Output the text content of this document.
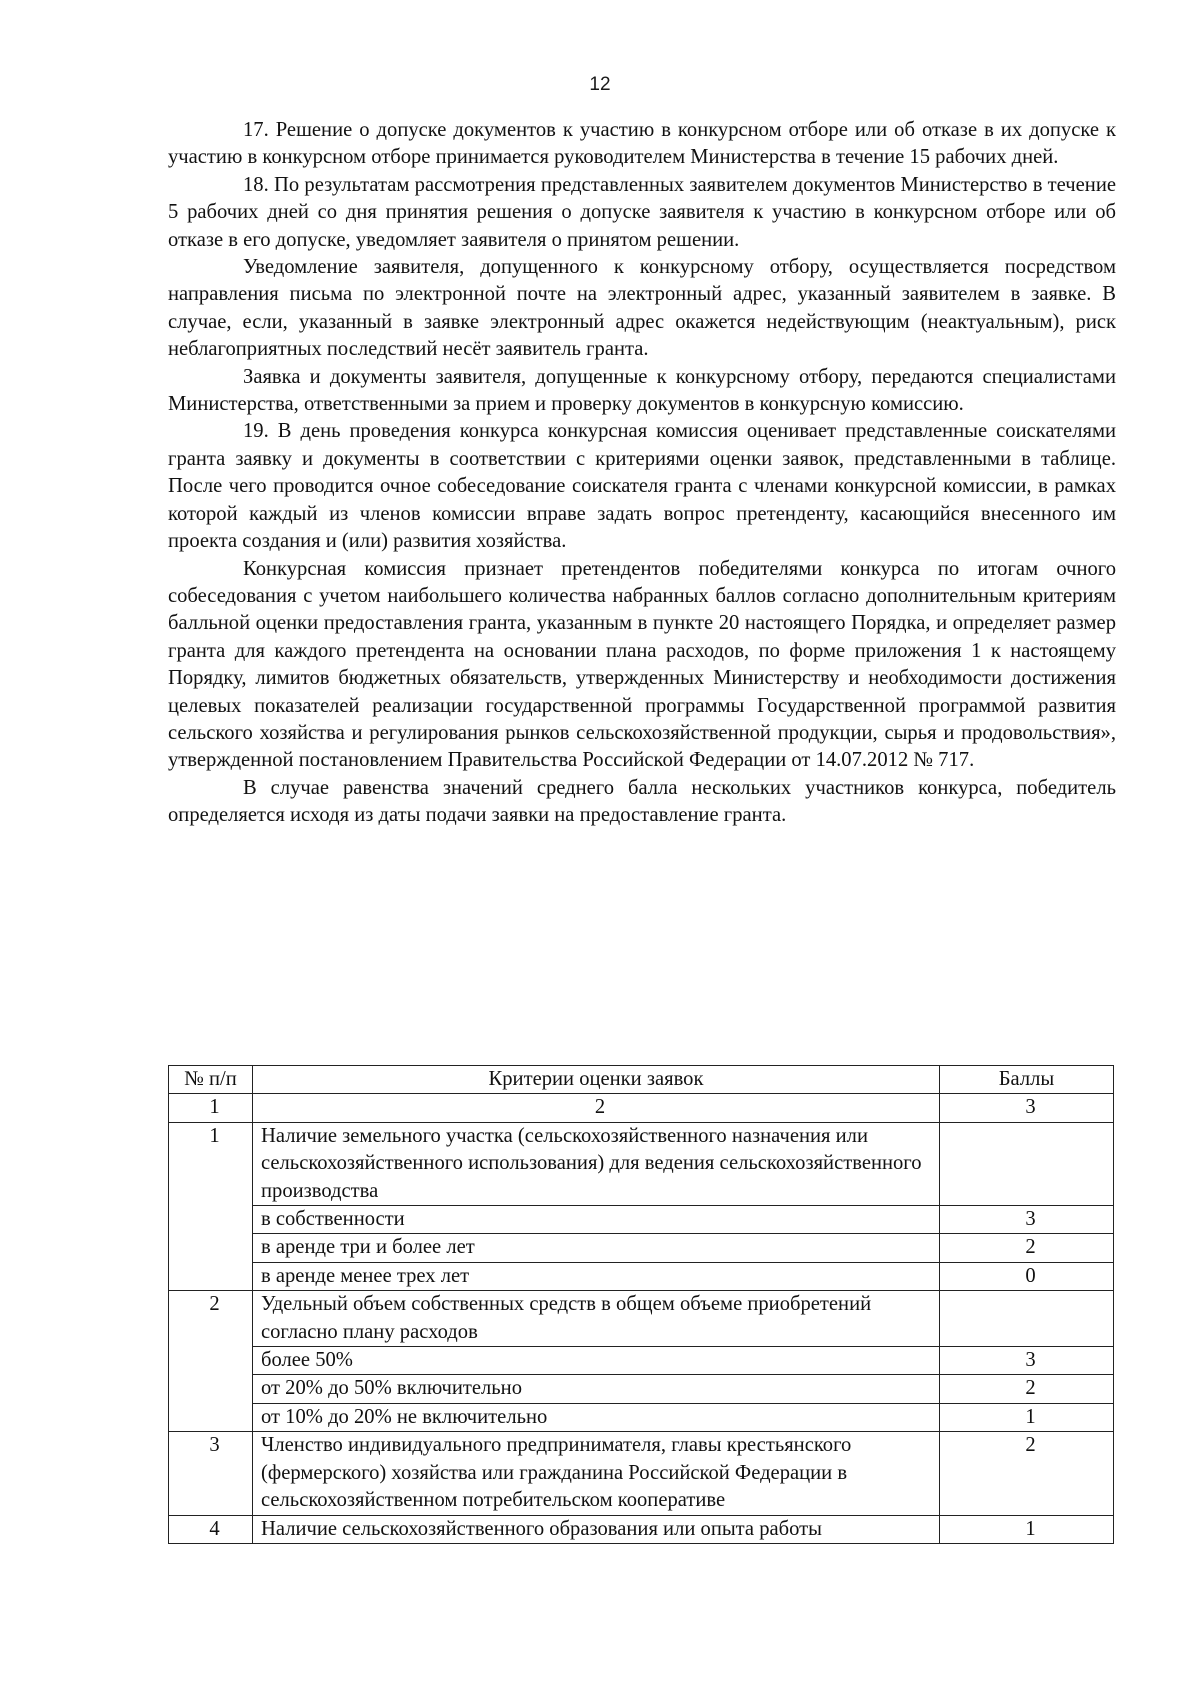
12

17. Решение о допуске документов к участию в конкурсном отборе или об отказе в их допуске к участию в конкурсном отборе принимается руководителем Министерства в течение 15 рабочих дней.

18. По результатам рассмотрения представленных заявителем документов Министерство в течение 5 рабочих дней со дня принятия решения о допуске заявителя к участию в конкурсном отборе или об отказе в его допуске, уведомляет заявителя о принятом решении.

Уведомление заявителя, допущенного к конкурсному отбору, осуществляется посредством направления письма по электронной почте на электронный адрес, указанный заявителем в заявке. В случае, если, указанный в заявке электронный адрес окажется недействующим (неактуальным), риск неблагоприятных последствий несёт заявитель гранта.

Заявка и документы заявителя, допущенные к конкурсному отбору, передаются специалистами Министерства, ответственными за прием и проверку документов в конкурсную комиссию.

19. В день проведения конкурса конкурсная комиссия оценивает представленные соискателями гранта заявку и документы в соответствии с критериями оценки заявок, представленными в таблице. После чего проводится очное собеседование соискателя гранта с членами конкурсной комиссии, в рамках которой каждый из членов комиссии вправе задать вопрос претенденту, касающийся внесенного им проекта создания и (или) развития хозяйства.

Конкурсная комиссия признает претендентов победителями конкурса по итогам очного собеседования с учетом наибольшего количества набранных баллов согласно дополнительным критериям балльной оценки предоставления гранта, указанным в пункте 20 настоящего Порядка, и определяет размер гранта для каждого претендента на основании плана расходов, по форме приложения 1 к настоящему Порядку, лимитов бюджетных обязательств, утвержденных Министерству и необходимости достижения целевых показателей реализации государственной программы Государственной программой развития сельского хозяйства и регулирования рынков сельскохозяйственной продукции, сырья и продовольствия», утвержденной постановлением Правительства Российской Федерации от 14.07.2012 № 717.

В случае равенства значений среднего балла нескольких участников конкурса, победитель определяется исходя из даты подачи заявки на предоставление гранта.

№ п/п	Критерии оценки заявок	Баллы
1	2	3
1	Наличие земельного участка (сельскохозяйственного назначения или сельскохозяйственного использования) для ведения сельскохозяйственного производства	
	в собственности	3
	в аренде три и более лет	2
	в аренде менее трех лет	0
2	Удельный объем собственных средств в общем объеме приобретений согласно плану расходов	
	более 50%	3
	от 20% до 50% включительно	2
	от 10% до 20% не включительно	1
3	Членство индивидуального предпринимателя, главы крестьянского (фермерского) хозяйства или гражданина Российской Федерации в сельскохозяйственном потребительском кооперативе	2
4	Наличие сельскохозяйственного образования или опыта работы	1
